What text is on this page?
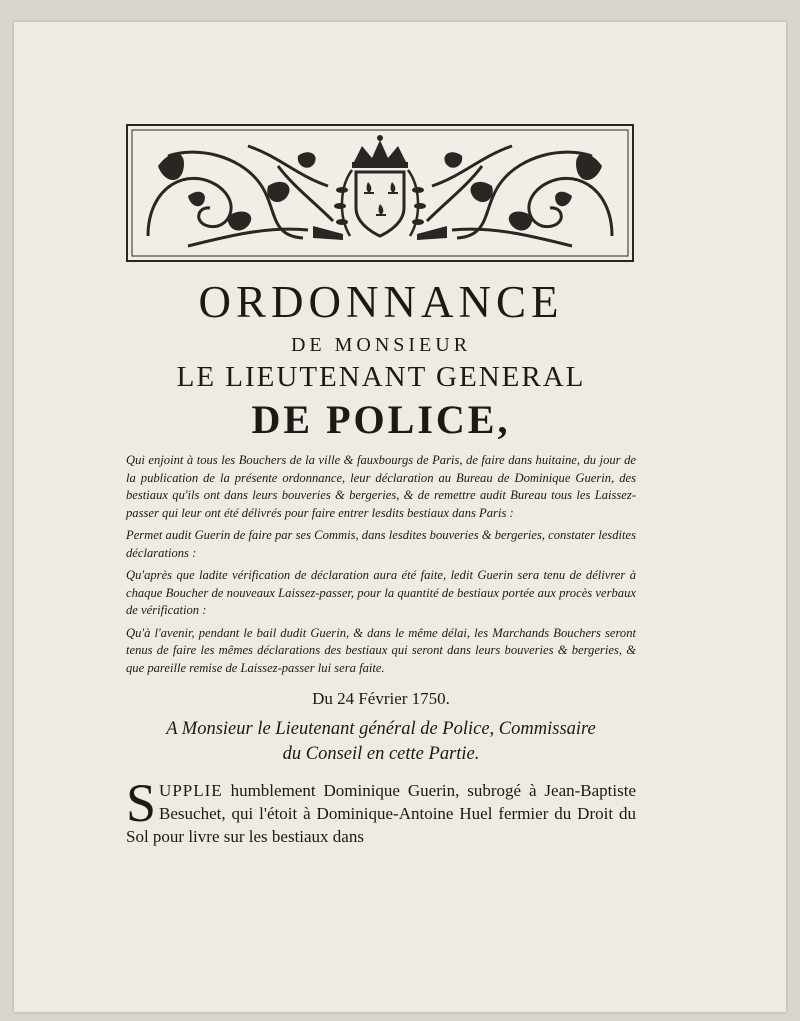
ORDONNANCE
DE MONSIEUR
LE LIEUTENANT GENERAL
DE POLICE,

Qui enjoint à tous les Bouchers de la ville & fauxbourgs de Paris, de faire dans huitaine, du jour de la publication de la présente ordonnance, leur déclaration au Bureau de Dominique Guerin, des bestiaux qu'ils ont dans leurs bouveries & bergeries, & de remettre audit Bureau tous les Laissez-passer qui leur ont été délivrés pour faire entrer lesdits bestiaux dans Paris :

Permet audit Guerin de faire par ses Commis, dans lesdites bouveries & bergeries, constater lesdites déclarations :

Qu'après que ladite vérification de déclaration aura été faite, ledit Guerin sera tenu de délivrer à chaque Boucher de nouveaux Laissez-passer, pour la quantité de bestiaux portée aux procès verbaux de vérification :

Qu'à l'avenir, pendant le bail dudit Guerin, & dans le même délai, les Marchands Bouchers seront tenus de faire les mêmes déclarations des bestiaux qui seront dans leurs bouveries & bergeries, & que pareille remise de Laissez-passer lui sera faite.

Du 24 Février 1750.
A Monsieur le Lieutenant général de Police, Commissaire
du Conseil en cette Partie.
SUPPLIE humblement Dominique Guerin, subrogé à Jean-Baptiste Besuchet, qui l'étoit à Dominique-Antoine Huel fermier du Droit du Sol pour livre sur les bestiaux dans
